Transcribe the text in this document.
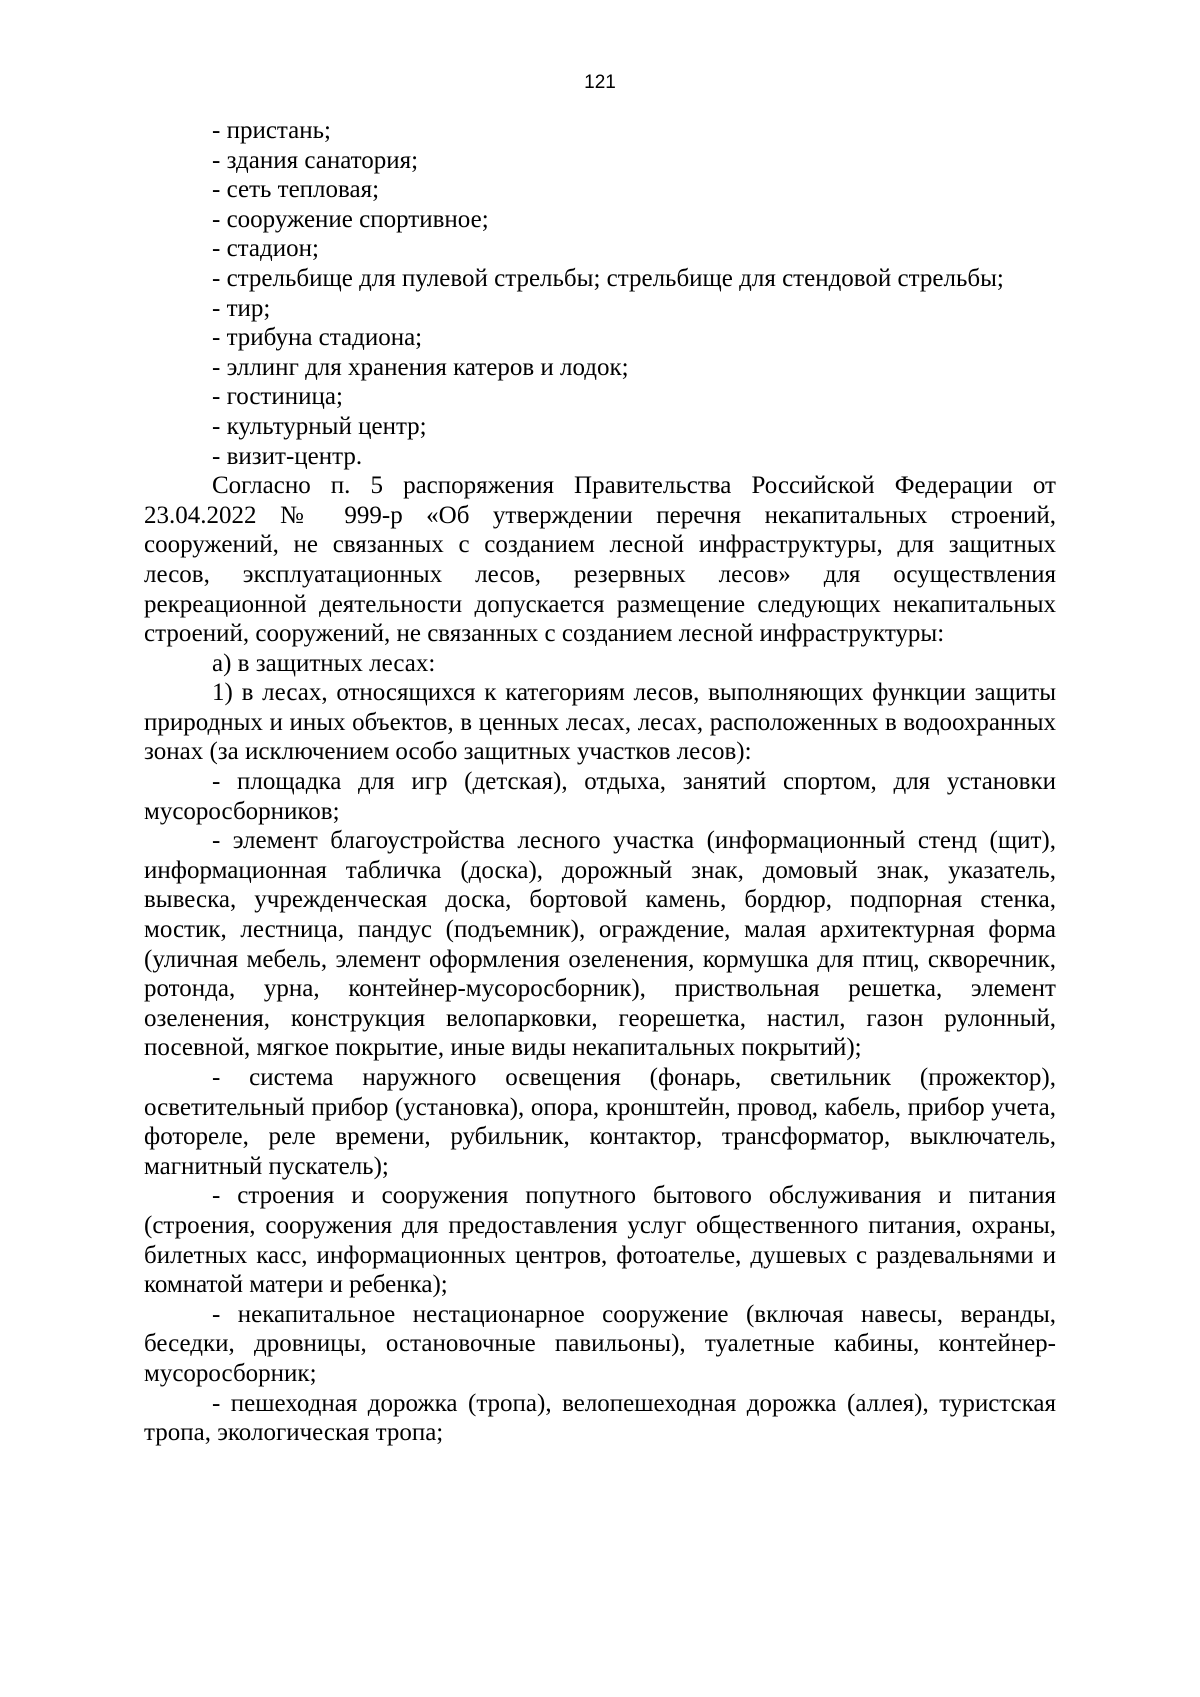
121
- пристань;
- здания санатория;
- сеть тепловая;
- сооружение спортивное;
- стадион;
- стрельбище для пулевой стрельбы; стрельбище для стендовой стрельбы;
- тир;
- трибуна стадиона;
- эллинг для хранения катеров и лодок;
- гостиница;
- культурный центр;
- визит-центр.
Согласно п. 5 распоряжения Правительства Российской Федерации от 23.04.2022 № 999-р «Об утверждении перечня некапитальных строений, сооружений, не связанных с созданием лесной инфраструктуры, для защитных лесов, эксплуатационных лесов, резервных лесов» для осуществления рекреационной деятельности допускается размещение следующих некапитальных строений, сооружений, не связанных с созданием лесной инфраструктуры:
а) в защитных лесах:
1) в лесах, относящихся к категориям лесов, выполняющих функции защиты природных и иных объектов, в ценных лесах, лесах, расположенных в водоохранных зонах (за исключением особо защитных участков лесов):
- площадка для игр (детская), отдыха, занятий спортом, для установки мусоросборников;
- элемент благоустройства лесного участка (информационный стенд (щит), информационная табличка (доска), дорожный знак, домовый знак, указатель, вывеска, учрежденческая доска, бортовой камень, бордюр, подпорная стенка, мостик, лестница, пандус (подъемник), ограждение, малая архитектурная форма (уличная мебель, элемент оформления озеленения, кормушка для птиц, скворечник, ротонда, урна, контейнер-мусоросборник), приствольная решетка, элемент озеленения, конструкция велопарковки, георешетка, настил, газон рулонный, посевной, мягкое покрытие, иные виды некапитальных покрытий);
- система наружного освещения (фонарь, светильник (прожектор), осветительный прибор (установка), опора, кронштейн, провод, кабель, прибор учета, фотореле, реле времени, рубильник, контактор, трансформатор, выключатель, магнитный пускатель);
- строения и сооружения попутного бытового обслуживания и питания (строения, сооружения для предоставления услуг общественного питания, охраны, билетных касс, информационных центров, фотоателье, душевых с раздевальнями и комнатой матери и ребенка);
- некапитальное нестационарное сооружение (включая навесы, веранды, беседки, дровницы, остановочные павильоны), туалетные кабины, контейнер-мусоросборник;
- пешеходная дорожка (тропа), велопешеходная дорожка (аллея), туристская тропа, экологическая тропа;
